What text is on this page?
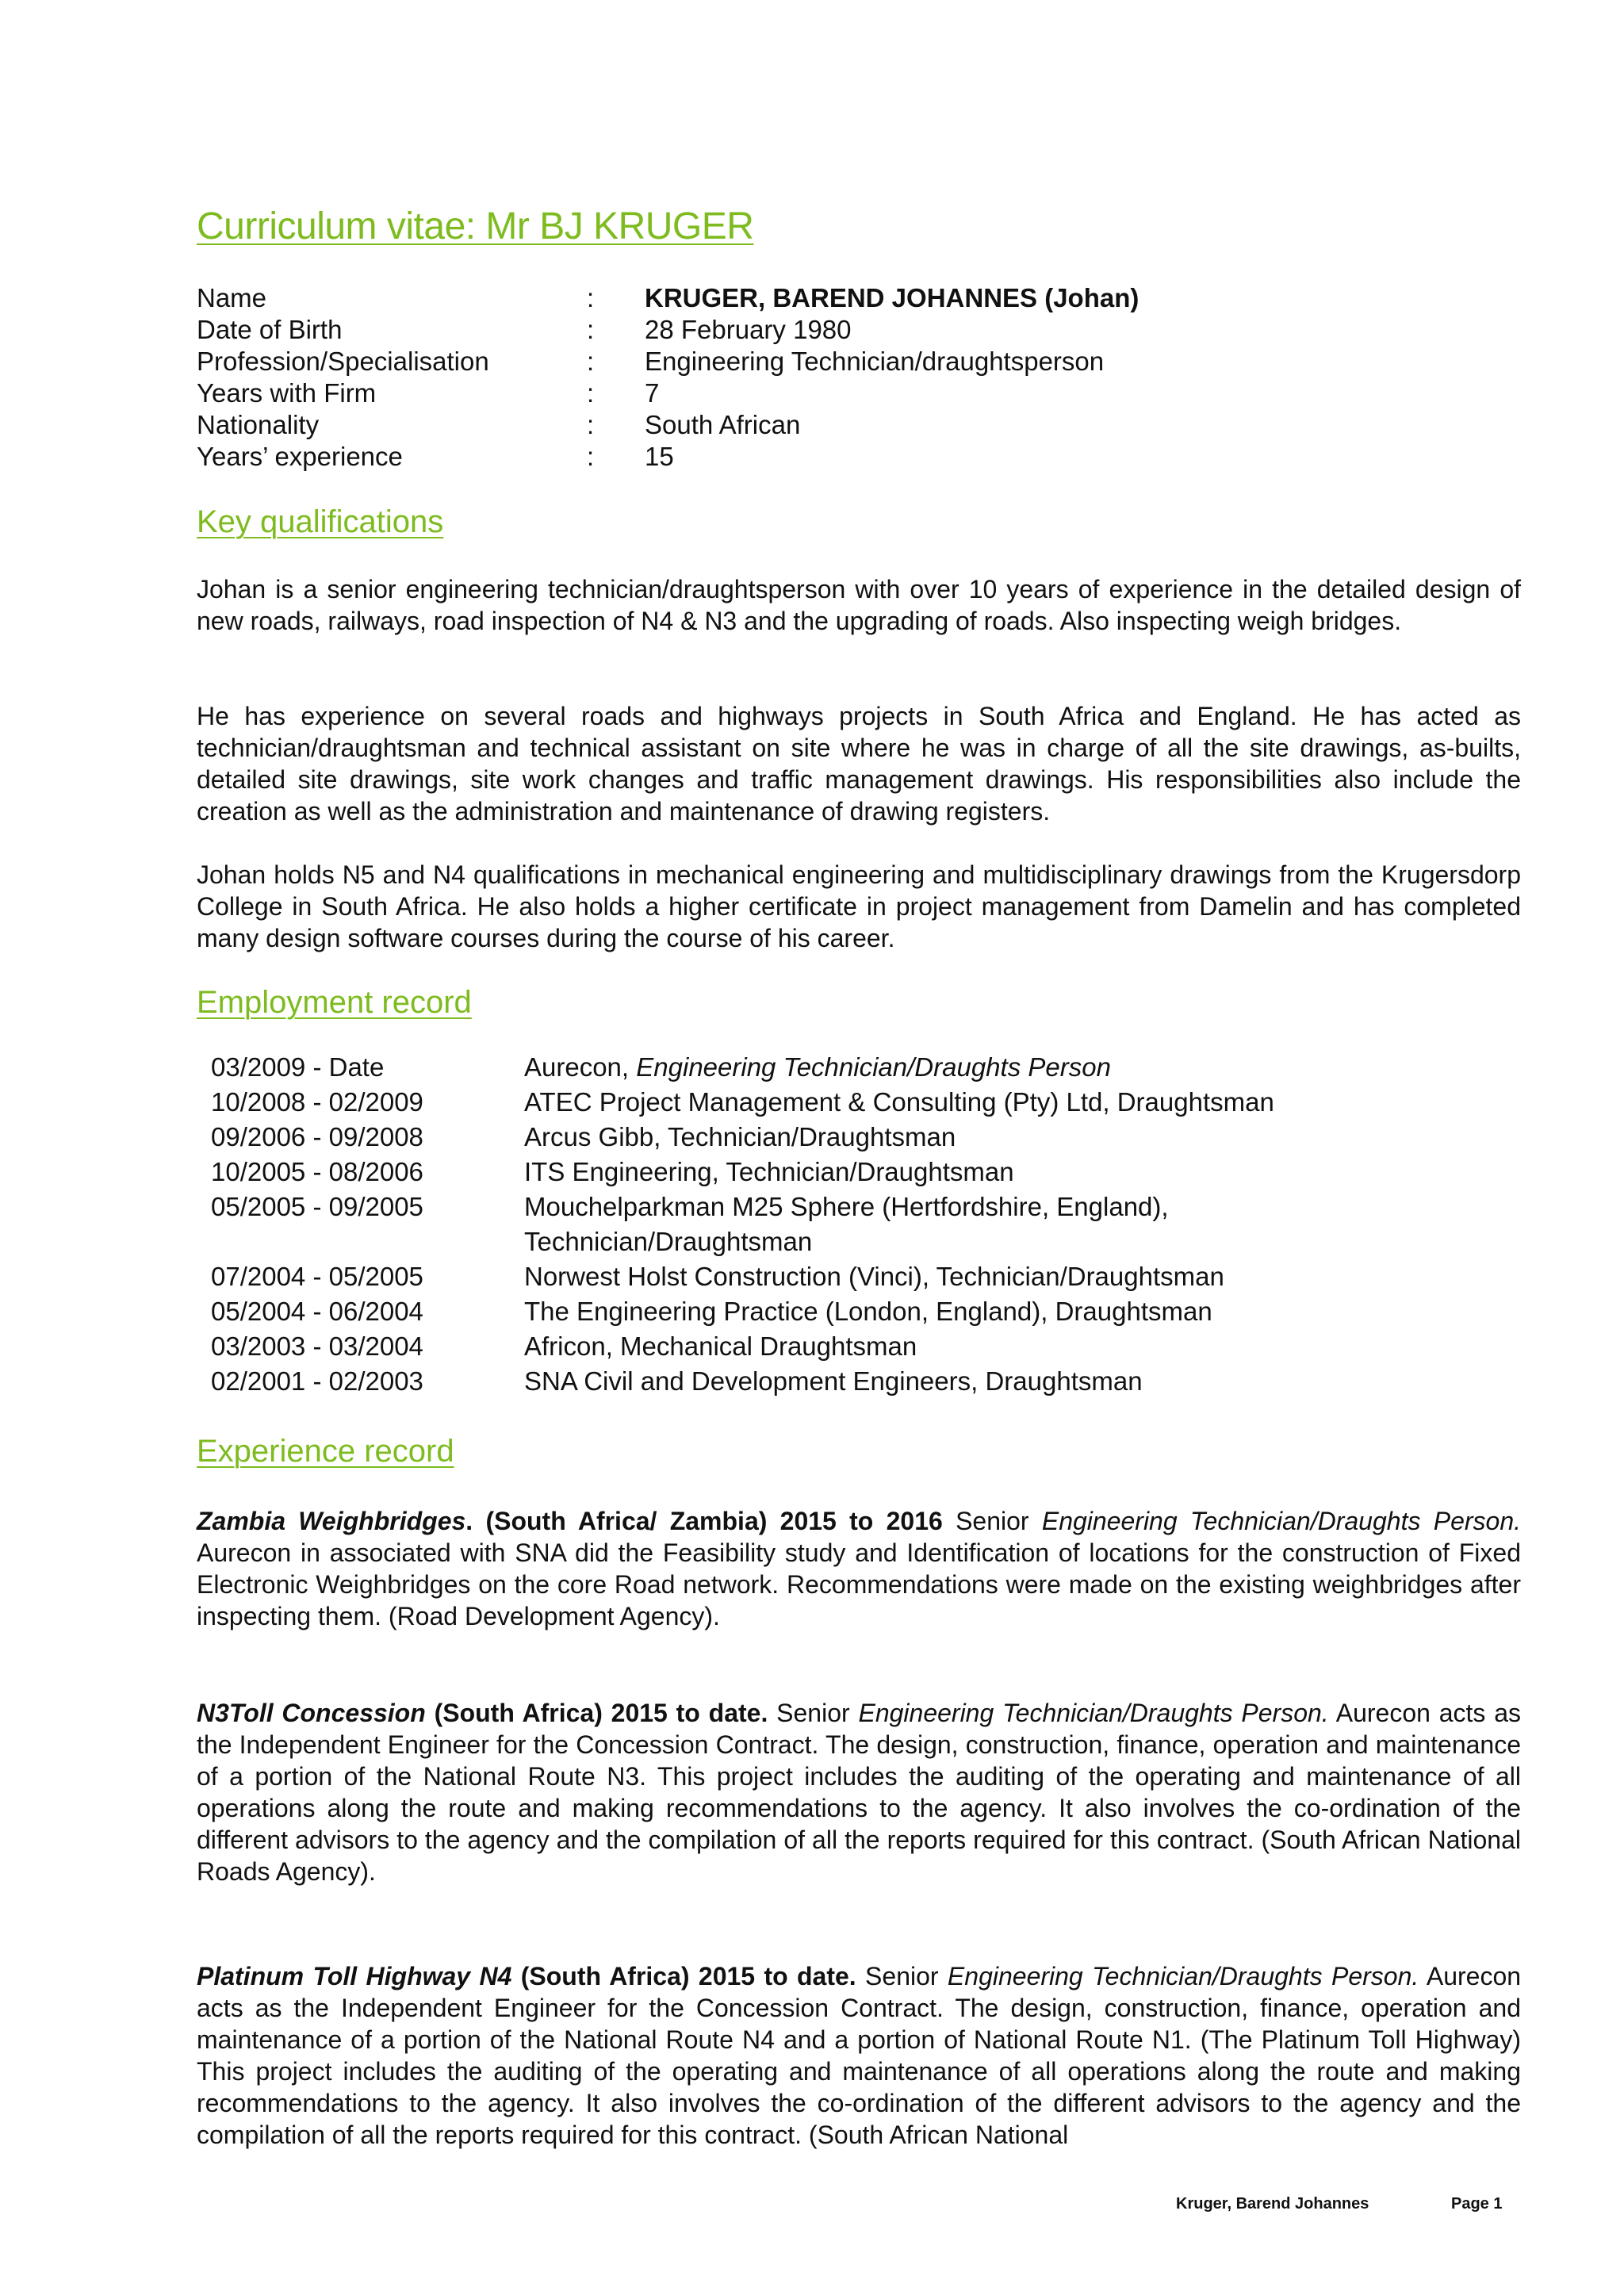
Curriculum vitae: Mr BJ KRUGER
Name	: KRUGER, BAREND JOHANNES (Johan)
Date of Birth	: 28 February 1980
Profession/Specialisation	: Engineering Technician/draughtsperson
Years with Firm	: 7
Nationality	: South African
Years’ experience	: 15
Key qualifications

Johan is a senior engineering technician/draughtsperson with over 10 years of experience in the detailed design of new roads, railways, road inspection of N4 & N3 and the upgrading of roads. Also inspecting weigh bridges.

He has experience on several roads and highways projects in South Africa and England. He has acted as technician/draughtsman and technical assistant on site where he was in charge of all the site drawings, as-builts, detailed site drawings, site work changes and traffic management drawings. His responsibilities also include the creation as well as the administration and maintenance of drawing registers.

Johan holds N5 and N4 qualifications in mechanical engineering and multidisciplinary drawings from the Krugersdorp College in South Africa. He also holds a higher certificate in project management from Damelin and has completed many design software courses during the course of his career.

Employment record
03/2009 - Date	Aurecon, Engineering Technician/Draughts Person
10/2008 - 02/2009	ATEC Project Management & Consulting (Pty) Ltd, Draughtsman
09/2006 - 09/2008	Arcus Gibb, Technician/Draughtsman
10/2005 - 08/2006	ITS Engineering, Technician/Draughtsman
05/2005 - 09/2005	Mouchelparkman M25 Sphere (Hertfordshire, England),
Technician/Draughtsman
07/2004 - 05/2005	Norwest Holst Construction (Vinci), Technician/Draughtsman
05/2004 - 06/2004	The Engineering Practice (London, England), Draughtsman
03/2003 - 03/2004	Africon, Mechanical Draughtsman
02/2001 - 02/2003	SNA Civil and Development Engineers, Draughtsman
Experience record

Zambia Weighbridges. (South Africa/ Zambia) 2015 to 2016 Senior Engineering Technician/Draughts Person. Aurecon in associated with SNA did the Feasibility study and Identification of locations for the construction of Fixed Electronic Weighbridges on the core Road network. Recommendations were made on the existing weighbridges after inspecting them. (Road Development Agency).

N3Toll Concession (South Africa) 2015 to date. Senior Engineering Technician/Draughts Person. Aurecon acts as the Independent Engineer for the Concession Contract. The design, construction, finance, operation and maintenance of a portion of the National Route N3. This project includes the auditing of the operating and maintenance of all operations along the route and making recommendations to the agency. It also involves the co-ordination of the different advisors to the agency and the compilation of all the reports required for this contract. (South African National Roads Agency).

Platinum Toll Highway N4 (South Africa) 2015 to date. Senior Engineering Technician/Draughts Person. Aurecon acts as the Independent Engineer for the Concession Contract. The design, construction, finance, operation and maintenance of a portion of the National Route N4 and a portion of National Route N1. (The Platinum Toll Highway) This project includes the auditing of the operating and maintenance of all operations along the route and making recommendations to the agency. It also involves the co-ordination of the different advisors to the agency and the compilation of all the reports required for this contract. (South African National

Kruger, Barend Johannes	Page 1
